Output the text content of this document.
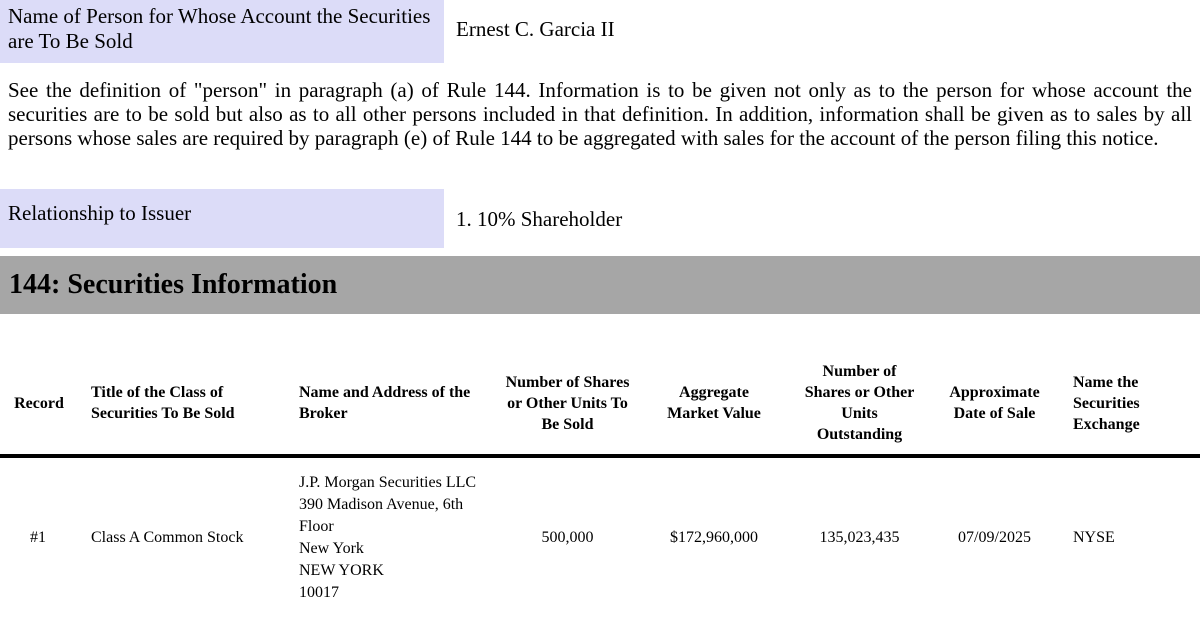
Name of Person for Whose Account the Securities are To Be Sold	Ernest C. Garcia II
See the definition of "person" in paragraph (a) of Rule 144. Information is to be given not only as to the person for whose account the securities are to be sold but also as to all other persons included in that definition. In addition, information shall be given as to sales by all persons whose sales are required by paragraph (e) of Rule 144 to be aggregated with sales for the account of the person filing this notice.
Relationship to Issuer	1. 10% Shareholder
144: Securities Information
Record	Title of the Class of Securities To Be Sold	Name and Address of the Broker	Number of Shares or Other Units To Be Sold	Aggregate Market Value	Number of Shares or Other Units Outstanding	Approximate Date of Sale	Name the Securities Exchange
#1	Class A Common Stock	J.P. Morgan Securities LLC
390 Madison Avenue, 6th Floor
New York
NEW YORK
10017	500,000	$172,960,000	135,023,435	07/09/2025	NYSE
